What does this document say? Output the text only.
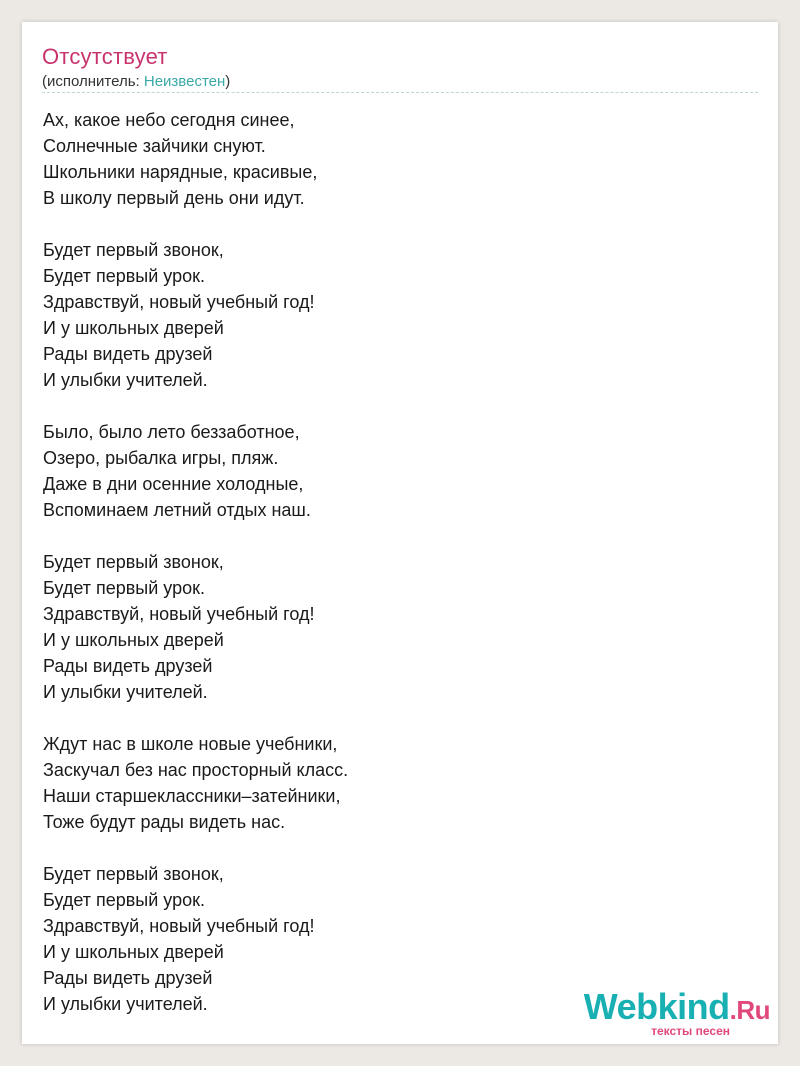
Отсутствует
(исполнитель: Неизвестен)
Ах, какое небо сегодня синее,
Солнечные зайчики снуют.
Школьники нарядные, красивые,
В школу первый день они идут.
Будет первый звонок,
Будет первый урок.
Здравствуй, новый учебный год!
И у школьных дверей
Рады видеть друзей
И улыбки учителей.
Было, было лето беззаботное,
Озеро, рыбалка игры, пляж.
Даже в дни осенние холодные,
Вспоминаем летний отдых наш.
Будет первый звонок,
Будет первый урок.
Здравствуй, новый учебный год!
И у школьных дверей
Рады видеть друзей
И улыбки учителей.
Ждут нас в школе новые учебники,
Заскучал без нас просторный класс.
Наши старшеклассники–затейники,
Тоже будут рады видеть нас.
Будет первый звонок,
Будет первый урок.
Здравствуй, новый учебный год!
И у школьных дверей
Рады видеть друзей
И улыбки учителей.	Webkind.Ru
тексты песен
